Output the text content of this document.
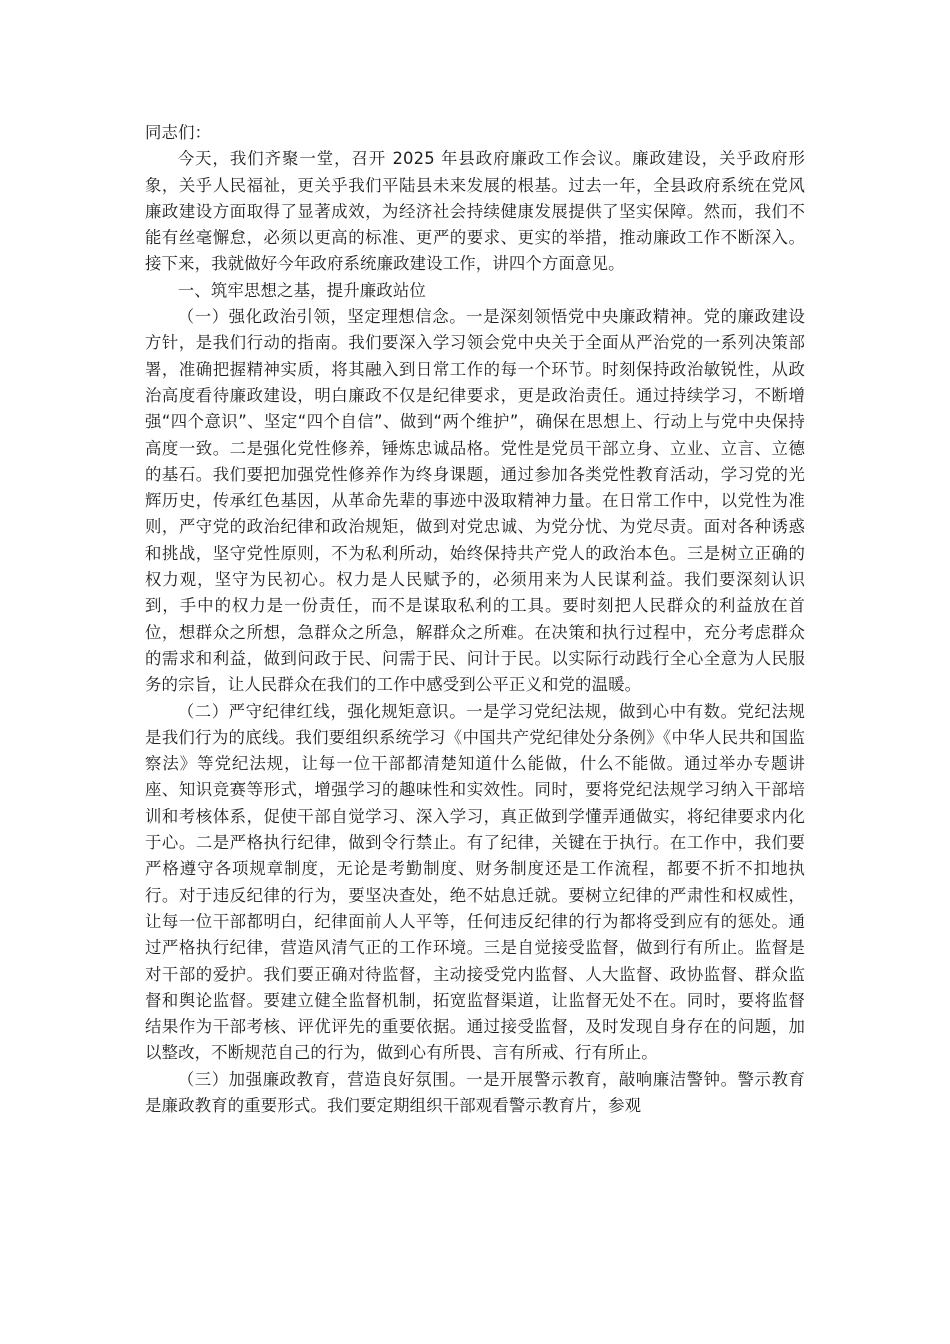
同志们：

今天，我们齐聚一堂，召开 2025 年县政府廉政工作会议。廉政建设，关乎政府形象，关乎人民福祉，更关乎我们平陆县未来发展的根基。过去一年，全县政府系统在党风廉政建设方面取得了显著成效，为经济社会持续健康发展提供了坚实保障。然而，我们不能有丝毫懈怠，必须以更高的标准、更严的要求、更实的举措，推动廉政工作不断深入。接下来，我就做好今年政府系统廉政建设工作，讲四个方面意见。

一、筑牢思想之基，提升廉政站位

（一）强化政治引领，坚定理想信念。一是深刻领悟党中央廉政精神。党的廉政建设方针，是我们行动的指南。我们要深入学习领会党中央关于全面从严治党的一系列决策部署，准确把握精神实质，将其融入到日常工作的每一个环节。时刻保持政治敏锐性，从政治高度看待廉政建设，明白廉政不仅是纪律要求，更是政治责任。通过持续学习，不断增强“四个意识”、坚定“四个自信”、做到“两个维护”，确保在思想上、行动上与党中央保持高度一致。二是强化党性修养，锤炼忠诚品格。党性是党员干部立身、立业、立言、立德的基石。我们要把加强党性修养作为终身课题，通过参加各类党性教育活动，学习党的光辉历史，传承红色基因，从革命先辈的事迹中汲取精神力量。在日常工作中，以党性为准则，严守党的政治纪律和政治规矩，做到对党忠诚、为党分忧、为党尽责。面对各种诱惑和挑战，坚守党性原则，不为私利所动，始终保持共产党人的政治本色。三是树立正确的权力观，坚守为民初心。权力是人民赋予的，必须用来为人民谋利益。我们要深刻认识到，手中的权力是一份责任，而不是谋取私利的工具。要时刻把人民群众的利益放在首位，想群众之所想，急群众之所急，解群众之所难。在决策和执行过程中，充分考虑群众的需求和利益，做到问政于民、问需于民、问计于民。以实际行动践行全心全意为人民服务的宗旨，让人民群众在我们的工作中感受到公平正义和党的温暖。

（二）严守纪律红线，强化规矩意识。一是学习党纪法规，做到心中有数。党纪法规是我们行为的底线。我们要组织系统学习《中国共产党纪律处分条例》《中华人民共和国监察法》等党纪法规，让每一位干部都清楚知道什么能做，什么不能做。通过举办专题讲座、知识竞赛等形式，增强学习的趣味性和实效性。同时，要将党纪法规学习纳入干部培训和考核体系，促使干部自觉学习、深入学习，真正做到学懂弄通做实，将纪律要求内化于心。二是严格执行纪律，做到令行禁止。有了纪律，关键在于执行。在工作中，我们要严格遵守各项规章制度，无论是考勤制度、财务制度还是工作流程，都要不折不扣地执行。对于违反纪律的行为，要坚决查处，绝不姑息迁就。要树立纪律的严肃性和权威性，让每一位干部都明白，纪律面前人人平等，任何违反纪律的行为都将受到应有的惩处。通过严格执行纪律，营造风清气正的工作环境。三是自觉接受监督，做到行有所止。监督是对干部的爱护。我们要正确对待监督，主动接受党内监督、人大监督、政协监督、群众监督和舆论监督。要建立健全监督机制，拓宽监督渠道，让监督无处不在。同时，要将监督结果作为干部考核、评优评先的重要依据。通过接受监督，及时发现自身存在的问题，加以整改，不断规范自己的行为，做到心有所畏、言有所戒、行有所止。

（三）加强廉政教育，营造良好氛围。一是开展警示教育，敲响廉洁警钟。警示教育是廉政教育的重要形式。我们要定期组织干部观看警示教育片，参观
